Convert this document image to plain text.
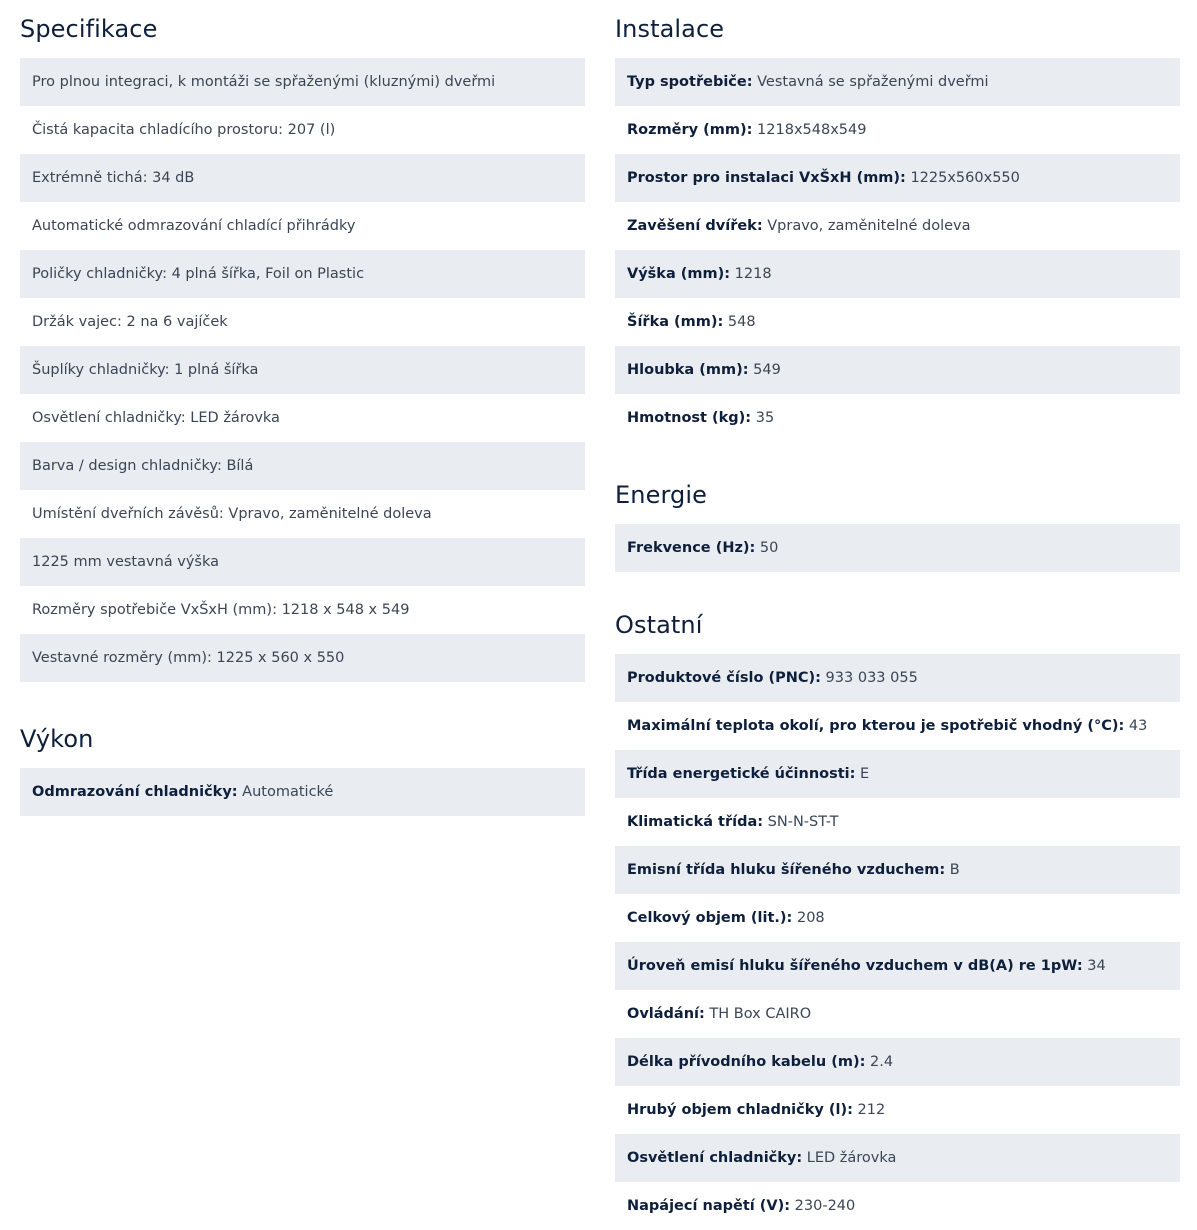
Specifikace
Pro plnou integraci, k montáži se spřaženými (kluznými) dveřmi
Čistá kapacita chladícího prostoru: 207 (l)
Extrémně tichá: 34 dB
Automatické odmrazování chladící přihrádky
Poličky chladničky: 4 plná šířka, Foil on Plastic
Držák vajec: 2 na 6 vajíček
Šuplíky chladničky: 1 plná šířka
Osvětlení chladničky: LED žárovka
Barva / design chladničky: Bílá
Umístění dveřních závěsů: Vpravo, zaměnitelné doleva
1225 mm vestavná výška
Rozměry spotřebiče VxŠxH (mm): 1218 x 548 x 549
Vestavné rozměry (mm): 1225 x 560 x 550
Výkon
Odmrazování chladničky: Automatické
Instalace
Typ spotřebiče: Vestavná se spřaženými dveřmi
Rozměry (mm): 1218x548x549
Prostor pro instalaci VxŠxH (mm): 1225x560x550
Zavěšení dvířek: Vpravo, zaměnitelné doleva
Výška (mm): 1218
Šířka (mm): 548
Hloubka (mm): 549
Hmotnost (kg): 35
Energie
Frekvence (Hz): 50
Ostatní
Produktové číslo (PNC): 933 033 055
Maximální teplota okolí, pro kterou je spotřebič vhodný (°C): 43
Třída energetické účinnosti: E
Klimatická třída: SN-N-ST-T
Emisní třída hluku šířeného vzduchem: B
Celkový objem (lit.): 208
Úroveň emisí hluku šířeného vzduchem v dB(A) re 1pW: 34
Ovládání: TH Box CAIRO
Délka přívodního kabelu (m): 2.4
Hrubý objem chladničky (l): 212
Osvětlení chladničky: LED žárovka
Napájecí napětí (V): 230-240
